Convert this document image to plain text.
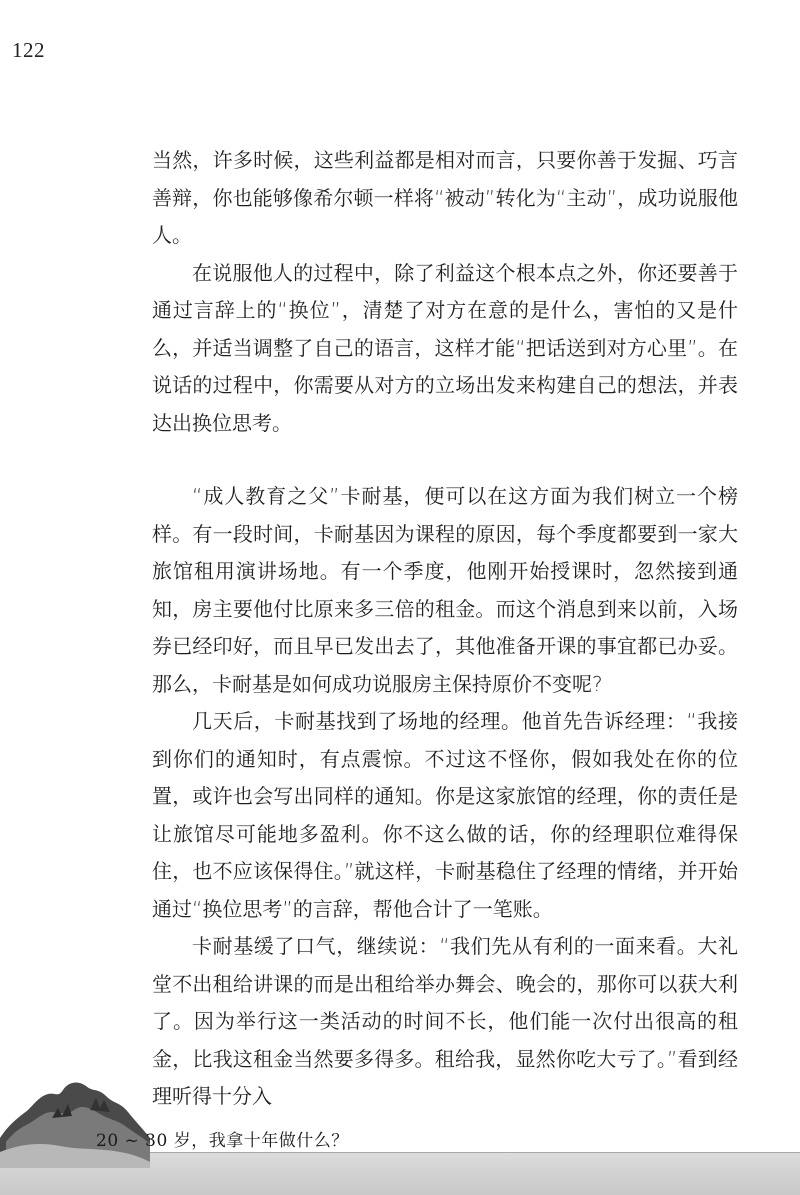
122

当然，许多时候，这些利益都是相对而言，只要你善于发掘、巧言善辩，你也能够像希尔顿一样将“被动”转化为“主动”，成功说服他人。

在说服他人的过程中，除了利益这个根本点之外，你还要善于通过言辞上的“换位”，清楚了对方在意的是什么，害怕的又是什么，并适当调整了自己的语言，这样才能“把话送到对方心里”。在说话的过程中，你需要从对方的立场出发来构建自己的想法，并表达出换位思考。

“成人教育之父”卡耐基，便可以在这方面为我们树立一个榜样。有一段时间，卡耐基因为课程的原因，每个季度都要到一家大旅馆租用演讲场地。有一个季度，他刚开始授课时，忽然接到通知，房主要他付比原来多三倍的租金。而这个消息到来以前，入场券已经印好，而且早已发出去了，其他准备开课的事宜都已办妥。那么，卡耐基是如何成功说服房主保持原价不变呢?

几天后，卡耐基找到了场地的经理。他首先告诉经理：“我接到你们的通知时，有点震惊。不过这不怪你，假如我处在你的位置，或许也会写出同样的通知。你是这家旅馆的经理，你的责任是让旅馆尽可能地多盈利。你不这么做的话，你的经理职位难得保住，也不应该保得住。”就这样，卡耐基稳住了经理的情绪，并开始通过“换位思考”的言辞，帮他合计了一笔账。

卡耐基缓了口气，继续说：“我们先从有利的一面来看。大礼堂不出租给讲课的而是出租给举办舞会、晚会的，那你可以获大利了。因为举行这一类活动的时间不长，他们能一次付出很高的租金，比我这租金当然要多得多。租给我，显然你吃大亏了。”看到经理听得十分入

20 ~ 30 岁，我拿十年做什么？
